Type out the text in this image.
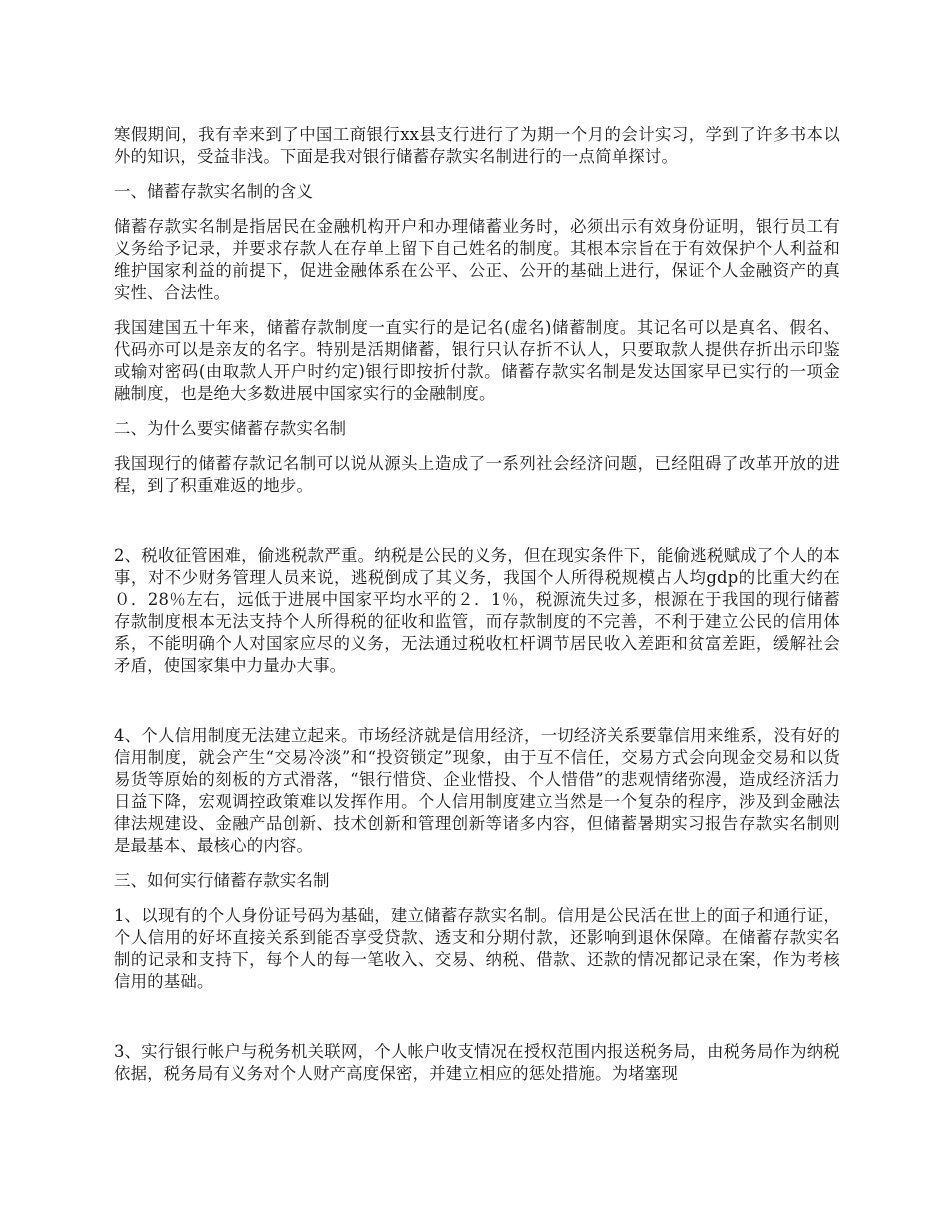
寒假期间，我有幸来到了中国工商银行xx县支行进行了为期一个月的会计实习，学到了许多书本以外的知识，受益非浅。下面是我对银行储蓄存款实名制进行的一点简单探讨。

一、储蓄存款实名制的含义

储蓄存款实名制是指居民在金融机构开户和办理储蓄业务时，必须出示有效身份证明，银行员工有义务给予记录，并要求存款人在存单上留下自己姓名的制度。其根本宗旨在于有效保护个人利益和维护国家利益的前提下，促进金融体系在公平、公正、公开的基础上进行，保证个人金融资产的真实性、合法性。

我国建国五十年来，储蓄存款制度一直实行的是记名(虚名)储蓄制度。其记名可以是真名、假名、代码亦可以是亲友的名字。特别是活期储蓄，银行只认存折不认人，只要取款人提供存折出示印鉴或输对密码(由取款人开户时约定)银行即按折付款。储蓄存款实名制是发达国家早已实行的一项金融制度，也是绝大多数进展中国家实行的金融制度。

二、为什么要实储蓄存款实名制

我国现行的储蓄存款记名制可以说从源头上造成了一系列社会经济问题，已经阻碍了改革开放的进程，到了积重难返的地步。

2、税收征管困难，偷逃税款严重。纳税是公民的义务，但在现实条件下，能偷逃税赋成了个人的本事，对不少财务管理人员来说，逃税倒成了其义务，我国个人所得税规模占人均gdp的比重大约在０．28％左右，远低于进展中国家平均水平的２．1％，税源流失过多，根源在于我国的现行储蓄存款制度根本无法支持个人所得税的征收和监管，而存款制度的不完善，不利于建立公民的信用体系，不能明确个人对国家应尽的义务，无法通过税收杠杆调节居民收入差距和贫富差距，缓解社会矛盾，使国家集中力量办大事。

4、个人信用制度无法建立起来。市场经济就是信用经济，一切经济关系要靠信用来维系，没有好的信用制度，就会产生“交易冷淡”和“投资锁定”现象，由于互不信任，交易方式会向现金交易和以货易货等原始的刻板的方式滑落，“银行惜贷、企业惜投、个人惜借”的悲观情绪弥漫，造成经济活力日益下降，宏观调控政策难以发挥作用。个人信用制度建立当然是一个复杂的程序，涉及到金融法律法规建设、金融产品创新、技术创新和管理创新等诸多内容，但储蓄暑期实习报告存款实名制则是最基本、最核心的内容。

三、如何实行储蓄存款实名制

1、以现有的个人身份证号码为基础，建立储蓄存款实名制。信用是公民活在世上的面子和通行证，个人信用的好坏直接关系到能否享受贷款、透支和分期付款，还影响到退休保障。在储蓄存款实名制的记录和支持下，每个人的每一笔收入、交易、纳税、借款、还款的情况都记录在案，作为考核信用的基础。

3、实行银行帐户与税务机关联网，个人帐户收支情况在授权范围内报送税务局，由税务局作为纳税依据，税务局有义务对个人财产高度保密，并建立相应的惩处措施。为堵塞现
